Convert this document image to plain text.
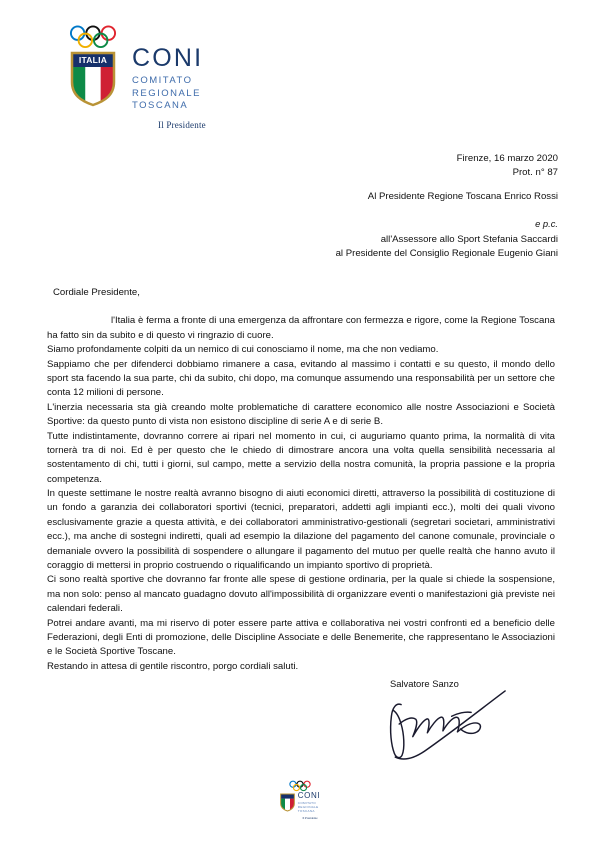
ITALIA CONI
COMITATO
REGIONALE
TOSCANA
Il Presidente
Firenze, 16 marzo 2020
Prot. n° 87
Al Presidente Regione Toscana Enrico Rossi
e p.c.
all'Assessore allo Sport Stefania Saccardi
al Presidente del Consiglio Regionale Eugenio Giani

Cordiale Presidente,

l'Italia è ferma a fronte di una emergenza da affrontare con fermezza e rigore, come la Regione Toscana ha fatto sin da subito e di questo vi ringrazio di cuore.

Siamo profondamente colpiti da un nemico di cui conosciamo il nome, ma che non vediamo.

Sappiamo che per difenderci dobbiamo rimanere a casa, evitando al massimo i contatti e su questo, il mondo dello sport sta facendo la sua parte, chi da subito, chi dopo, ma comunque assumendo una responsabilità per un settore che conta 12 milioni di persone.

L'inerzia necessaria sta già creando molte problematiche di carattere economico alle nostre Associazioni e Società Sportive: da questo punto di vista non esistono discipline di serie A e di serie B.

Tutte indistintamente, dovranno correre ai ripari nel momento in cui, ci auguriamo quanto prima, la normalità di vita tornerà tra di noi. Ed è per questo che le chiedo di dimostrare ancora una volta quella sensibilità necessaria al sostentamento di chi, tutti i giorni, sul campo, mette a servizio della nostra comunità, la propria passione e la propria competenza.

In queste settimane le nostre realtà avranno bisogno di aiuti economici diretti, attraverso la possibilità di costituzione di un fondo a garanzia dei collaboratori sportivi (tecnici, preparatori, addetti agli impianti ecc.), molti dei quali vivono esclusivamente grazie a questa attività, e dei collaboratori amministrativo-gestionali (segretari societari, amministrativi ecc.), ma anche di sostegni indiretti, quali ad esempio la dilazione del pagamento del canone comunale, provinciale o demaniale ovvero la possibilità di sospendere o allungare il pagamento del mutuo per quelle realtà che hanno avuto il coraggio di mettersi in proprio costruendo o riqualificando un impianto sportivo di proprietà.

Ci sono realtà sportive che dovranno far fronte alle spese di gestione ordinaria, per la quale si chiede la sospensione, ma non solo: penso al mancato guadagno dovuto all'impossibilità di organizzare eventi o manifestazioni già previste nei calendari federali.

Potrei andare avanti, ma mi riservo di poter essere parte attiva e collaborativa nei vostri confronti ed a beneficio delle Federazioni, degli Enti di promozione, delle Discipline Associate e delle Benemerite, che rappresentano le Associazioni e le Società Sportive Toscane.

Restando in attesa di gentile riscontro, porgo cordiali saluti.

Salvatore Sanzo
CONI
COMITATO
REGIONALE
TOSCANA
Il Presidente
